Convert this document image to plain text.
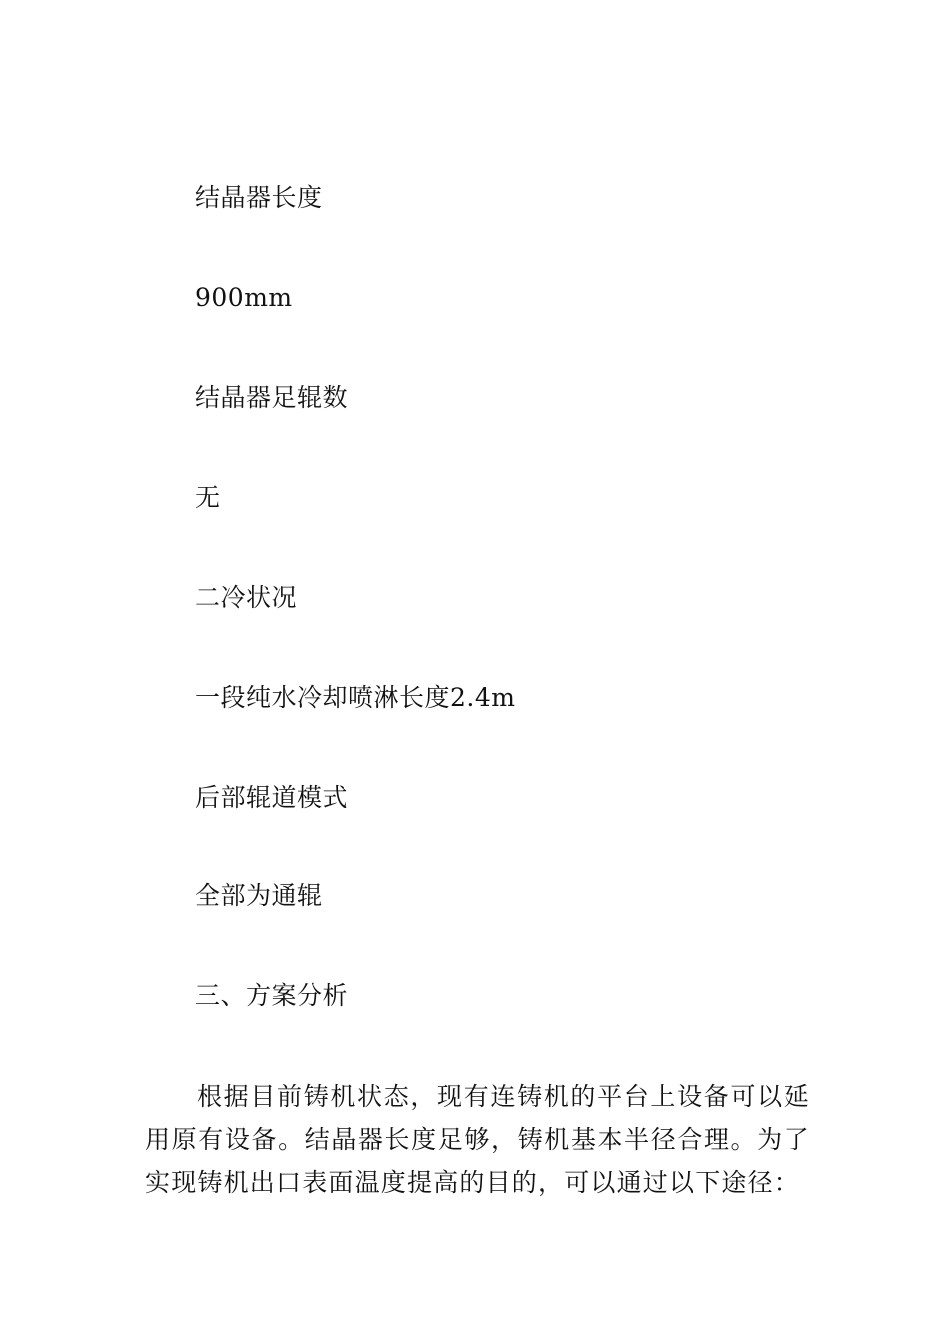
结晶器长度
900mm
结晶器足辊数
无
二冷状况
一段纯水冷却喷淋长度2.4m
后部辊道模式
全部为通辊
三、方案分析
根据目前铸机状态，现有连铸机的平台上设备可以延用原有设备。结晶器长度足够，铸机基本半径合理。为了实现铸机出口表面温度提高的目的，可以通过以下途径：
